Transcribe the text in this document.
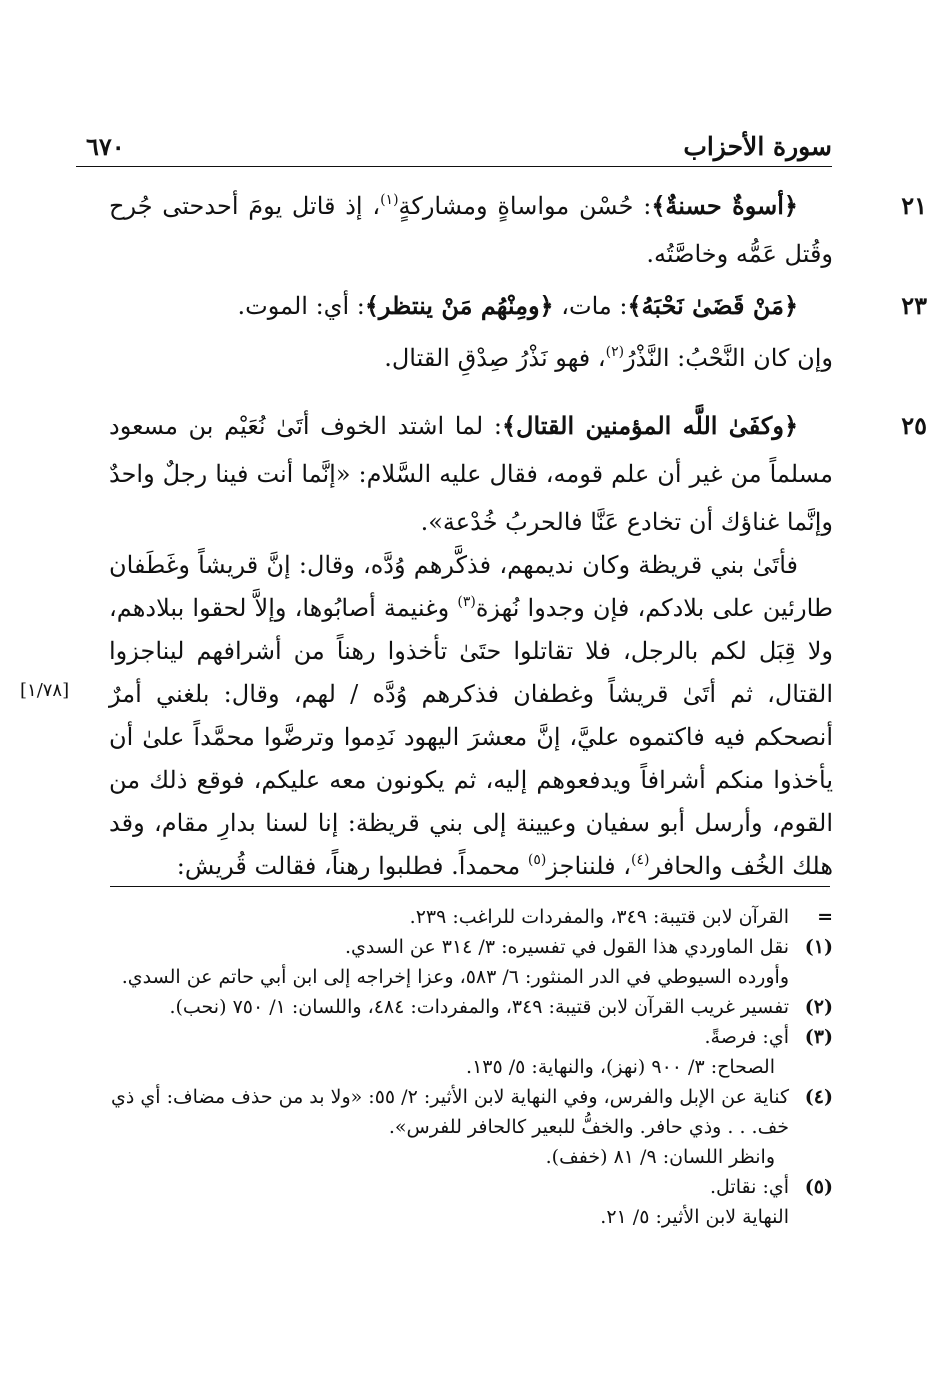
سورة الأحزاب
٦٧٠
﴿أسوةٌ حسنةٌ﴾: حُسْن مواساةٍ ومشاركةٍ$^{(١)}$، إذ قاتل يومَ أحدحتى جُرح وقُتل عَمُّه وخاصَّتُه.
٢١
﴿مَنْ قَضَىٰ نَحْبَهُ﴾: مات، ﴿ومِنْهُم مَنْ ينتظر﴾: أي: الموت.
وإن كان النَّحْبُ: النَّذْرُ$^{(٢)}$، فهو نَذْرُ صِدْقِ القتال.
٢٣
﴿وكفَىٰ اللَّه المؤمنين القتال﴾: لما اشتد الخوف أتَىٰ نُعَيْم بن مسعود مسلماً من غير أن علم قومه، فقال عليه السَّلام: «إنَّما أنت فينا رجلٌ واحدٌ وإنَّما غناؤك أن تخادع عَنَّا فالحربُ خُدْعة».
٢٥
فأتَىٰ بني قريظة وكان نديمهم، فذكَّرهم وُدَّه، وقال: إنَّ قريشاً وغَطَفان طارئين على بلادكم، فإن وجدوا نُهزة$^{(٣)}$ وغنيمة أصابُوها، وإلاَّ لحقوا ببلادهم، ولا قِبَل لكم بالرجل، فلا تقاتلوا حتَىٰ تأخذوا رهناً من أشرافهم ليناجزوا القتال، ثم أتَىٰ قريشاً وغطفان فذكرهم وُدَّه / لهم، وقال: بلغني أمرٌ أنصحكم فيه فاكتموه عليَّ، إنَّ معشرَ اليهود نَدِموا وترضَّوا محمَّداً علىٰ أن يأخذوا منكم أشرافاً ويدفعوهم إليه، ثم يكونون معه عليكم، فوقع ذلك من القوم، وأرسل أبو سفيان وعيينة إلى بني قريظة: إنا لسنا بدارِ مقام، وقد هلك الخُف والحافر$^{(٤)}$، فلنناجز$^{(٥)}$ محمداً. فطلبوا رهناً، فقالت قُريش:
[١/٧٨]
=
القرآن لابن قتيبة: ٣٤٩، والمفردات للراغب: ٢٣٩.
(١)
نقل الماوردي هذا القول في تفسيره: ٣/ ٣١٤ عن السدي.
وأورده السيوطي في الدر المنثور: ٦/ ٥٨٣، وعزا إخراجه إلى ابن أبي حاتم عن السدي.
(٢)
تفسير غريب القرآن لابن قتيبة: ٣٤٩، والمفردات: ٤٨٤، واللسان: ١/ ٧٥٠ (نحب).
(٣)
أي: فرصةً.
الصحاح: ٣/ ٩٠٠ (نهز)، والنهاية: ٥/ ١٣٥.
(٤)
كناية عن الإبل والفرس، وفي النهاية لابن الأثير: ٢/ ٥٥: «ولا بد من حذف مضاف: أي ذي خف. . . وذي حافر. والخفُّ للبعير كالحافر للفرس».
وانظر اللسان: ٩/ ٨١ (خفف).
(٥)
أي: نقاتل.
النهاية لابن الأثير: ٥/ ٢١.
